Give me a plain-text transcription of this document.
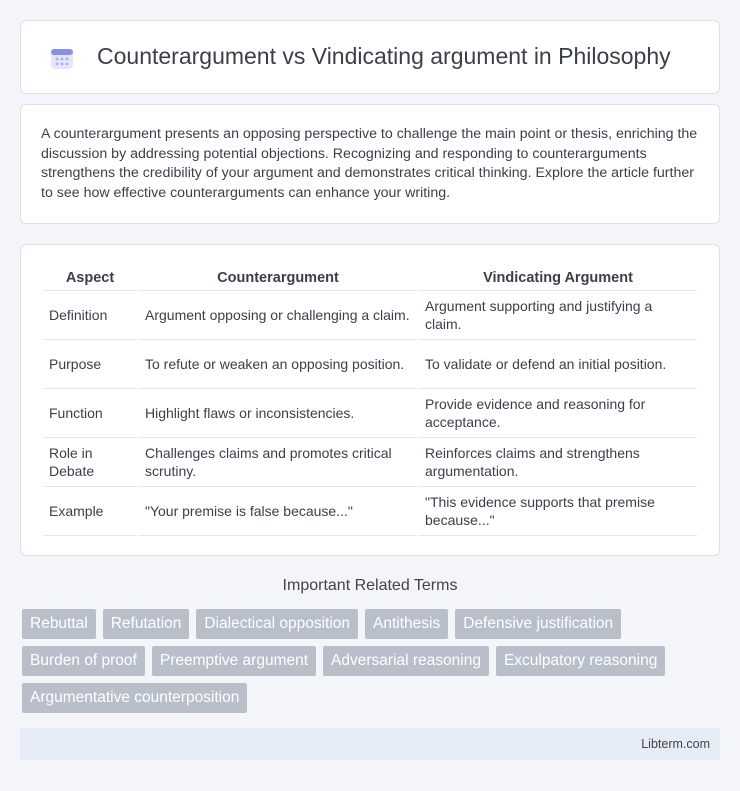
Counterargument vs Vindicating argument in Philosophy

A counterargument presents an opposing perspective to challenge the main point or thesis, enriching the discussion by addressing potential objections. Recognizing and responding to counterarguments strengthens the credibility of your argument and demonstrates critical thinking. Explore the article further to see how effective counterarguments can enhance your writing.

Aspect	Counterargument	Vindicating Argument
Definition	Argument opposing or challenging a claim.	Argument supporting and justifying a claim.
Purpose	To refute or weaken an opposing position.	To validate or defend an initial position.
Function	Highlight flaws or inconsistencies.	Provide evidence and reasoning for acceptance.
Role in Debate	Challenges claims and promotes critical scrutiny.	Reinforces claims and strengthens argumentation.
Example	"Your premise is false because..."	"This evidence supports that premise because..."
Important Related Terms
Rebuttal	Refutation	Dialectical opposition	Antithesis	Defensive justification
Burden of proof	Preemptive argument	Adversarial reasoning	Exculpatory reasoning
Argumentative counterposition
Libterm.com
